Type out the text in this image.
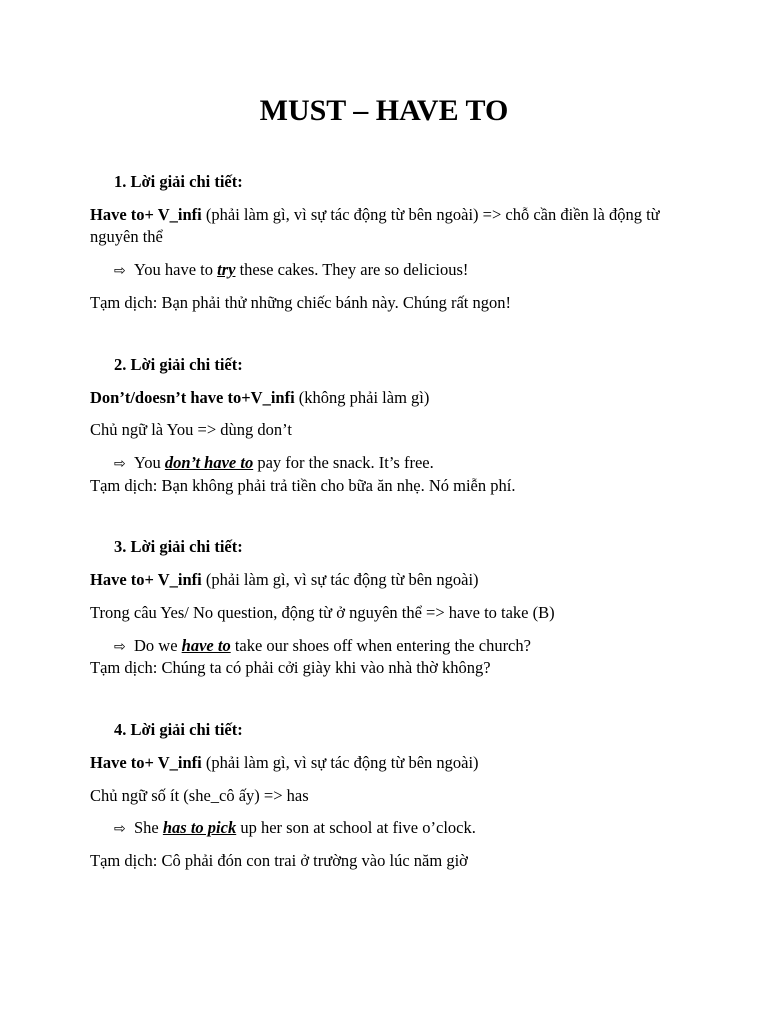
MUST – HAVE TO
1. Lời giải chi tiết:
Have to+ V_infi (phải làm gì, vì sự tác động từ bên ngoài) => chỗ cần điền là động từ nguyên thể
⇨ You have to try these cakes. They are so delicious!
Tạm dịch: Bạn phải thử những chiếc bánh này. Chúng rất ngon!
2. Lời giải chi tiết:
Don’t/doesn’t have to+V_infi (không phải làm gì)
Chủ ngữ là You => dùng don’t
⇨ You don’t have to pay for the snack. It’s free.
Tạm dịch: Bạn không phải trả tiền cho bữa ăn nhẹ. Nó miễn phí.
3. Lời giải chi tiết:
Have to+ V_infi (phải làm gì, vì sự tác động từ bên ngoài)
Trong câu Yes/ No question, động từ ở nguyên thể => have to take (B)
⇨ Do we have to take our shoes off when entering the church?
Tạm dịch: Chúng ta có phải cởi giày khi vào nhà thờ không?
4. Lời giải chi tiết:
Have to+ V_infi (phải làm gì, vì sự tác động từ bên ngoài)
Chủ ngữ số ít (she_cô ấy) => has
⇨ She has to pick up her son at school at five o’clock.
Tạm dịch: Cô phải đón con trai ở trường vào lúc năm giờ
